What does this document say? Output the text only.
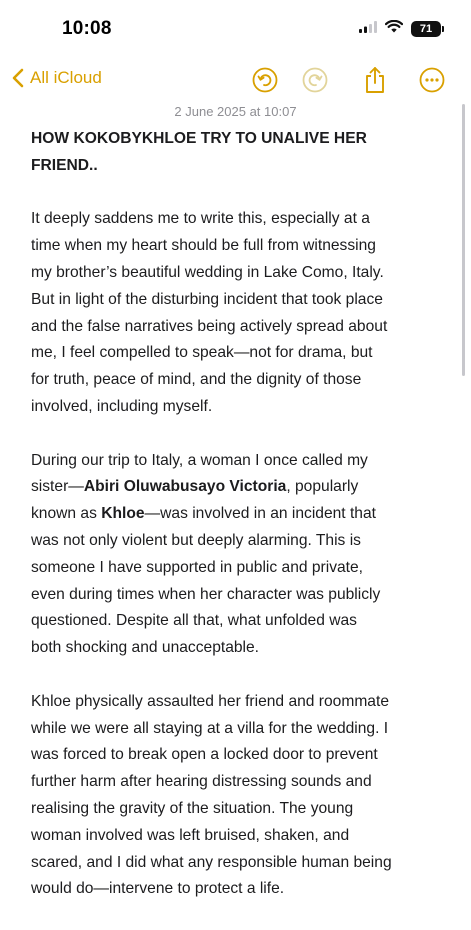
10:08	71
All iCloud
2 June 2025 at 10:07
HOW KOKOBYKHLOE TRY TO UNALIVE HER
FRIEND..
It deeply saddens me to write this, especially at a
time when my heart should be full from witnessing
my brother’s beautiful wedding in Lake Como, Italy.
But in light of the disturbing incident that took place
and the false narratives being actively spread about
me, I feel compelled to speak—not for drama, but
for truth, peace of mind, and the dignity of those
involved, including myself.
During our trip to Italy, a woman I once called my
sister—Abiri Oluwabusayo Victoria, popularly
known as Khloe—was involved in an incident that
was not only violent but deeply alarming. This is
someone I have supported in public and private,
even during times when her character was publicly
questioned. Despite all that, what unfolded was
both shocking and unacceptable.
Khloe physically assaulted her friend and roommate
while we were all staying at a villa for the wedding. I
was forced to break open a locked door to prevent
further harm after hearing distressing sounds and
realising the gravity of the situation. The young
woman involved was left bruised, shaken, and
scared, and I did what any responsible human being
would do—intervene to protect a life.
